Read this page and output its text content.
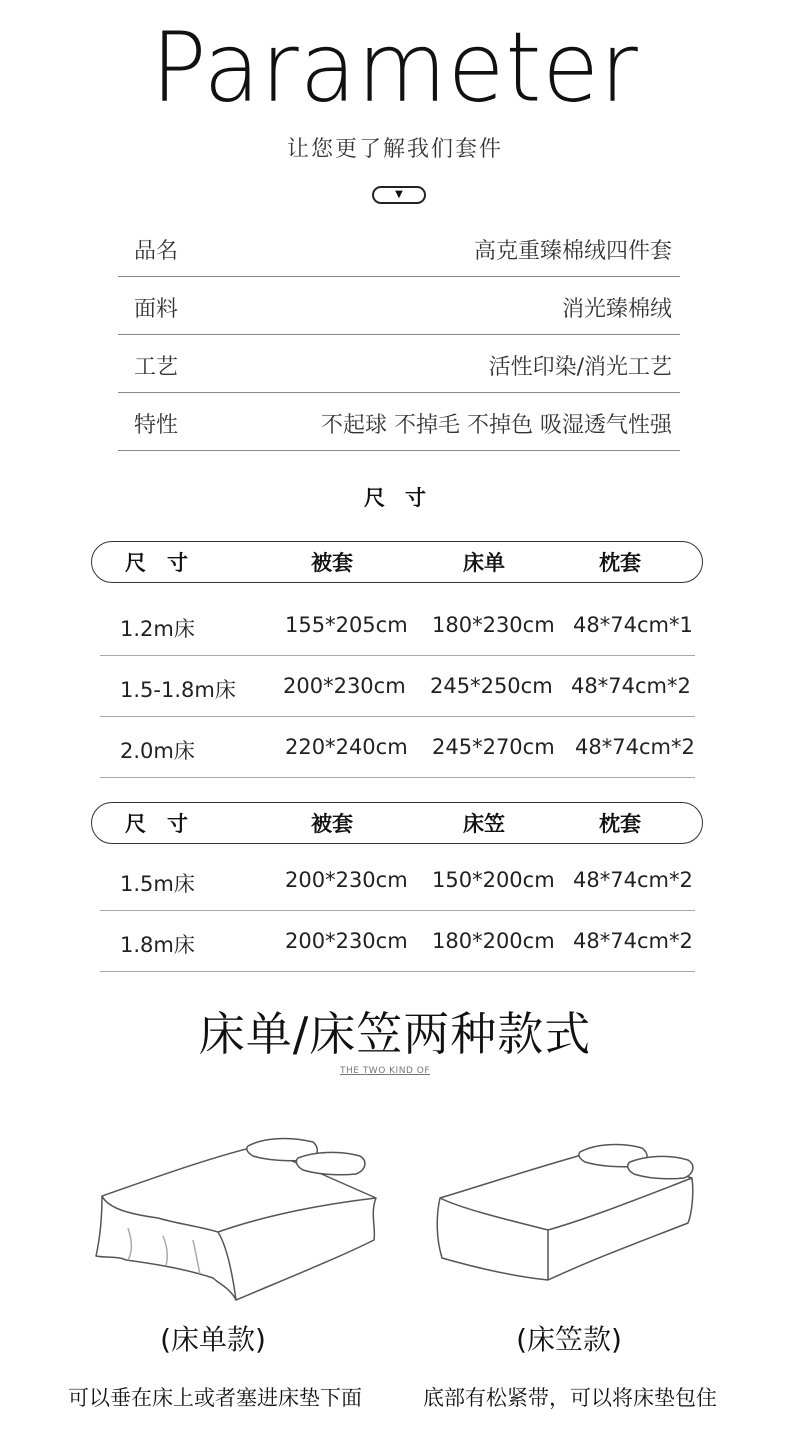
Parameter
让您更了解我们套件
▼
品名	高克重臻棉绒四件套
面料	消光臻棉绒
工艺	活性印染/消光工艺
特性	不起球 不掉毛 不掉色 吸湿透气性强
尺寸
尺　寸	被套	床单	枕套
1.2m床	155*205cm 180*230cm 48*74cm*1
1.5-1.8m床 200*230cm 245*250cm 48*74cm*2
2.0m床	220*240cm 245*270cm 48*74cm*2
尺　寸	被套	床笠	枕套
1.5m床	200*230cm 150*200cm 48*74cm*2
1.8m床	200*230cm 180*200cm 48*74cm*2
床单/床笠两种款式
THE TWO KIND OF
(床单款)	(床笠款)
可以垂在床上或者塞进床垫下面	底部有松紧带，可以将床垫包住
